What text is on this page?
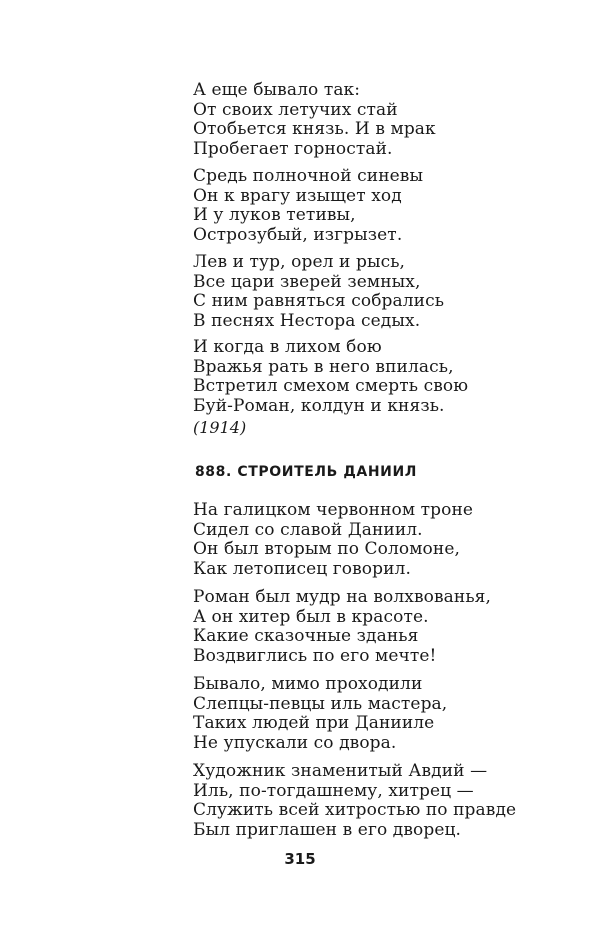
А еще бывало так:
От своих летучих стай
Отобьется князь. И в мрак
Пробегает горностай.
Средь полночной синевы
Он к врагу изыщет ход
И у луков тетивы,
Острозубый, изгрызет.
Лев и тур, орел и рысь,
Все цари зверей земных,
С ним равняться собрались
В песнях Нестора седых.
И когда в лихом бою
Вражья рать в него впилась,
Встретил смехом смерть свою
Буй-Роман, колдун и князь.
(1914)
888. СТРОИТЕЛЬ ДАНИИЛ
На галицком червонном троне
Сидел со славой Даниил.
Он был вторым по Соломоне,
Как летописец говорил.
Роман был мудр на волхвованья,
А он хитер был в красоте.
Какие сказочные зданья
Воздвиглись по его мечте!
Бывало, мимо проходили
Слепцы-певцы иль мастера,
Таких людей при Данииле
Не упускали со двора.
Художник знаменитый Авдий —
Иль, по-тогдашнему, хитрец —
Служить всей хитростью по правде
Был приглашен в его дворец.
315
